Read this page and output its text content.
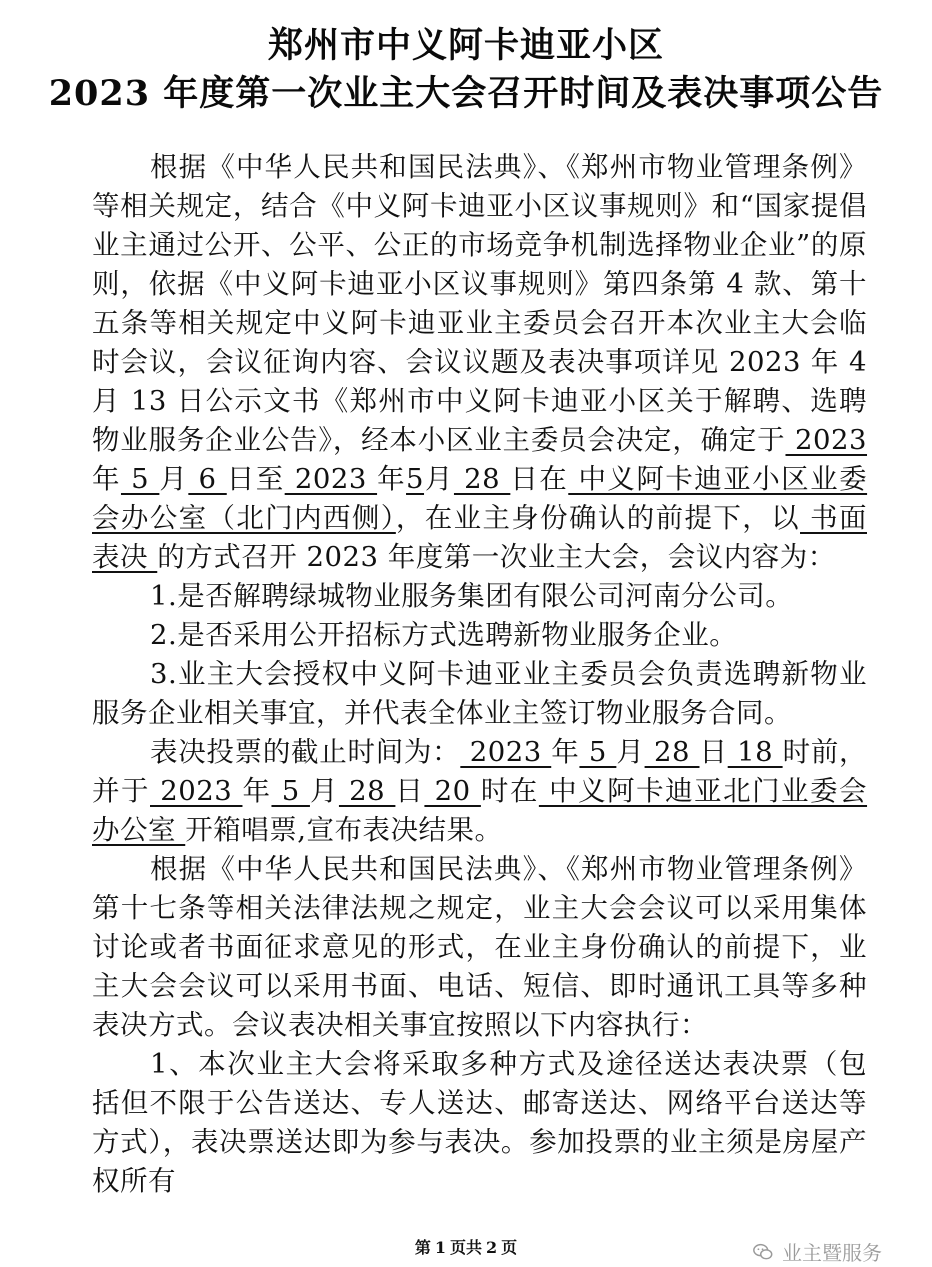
郑州市中义阿卡迪亚小区
2023 年度第一次业主大会召开时间及表决事项公告

根据《中华人民共和国民法典》、《郑州市物业管理条例》等相关规定，结合《中义阿卡迪亚小区议事规则》和“国家提倡业主通过公开、公平、公正的市场竞争机制选择物业企业”的原则，依据《中义阿卡迪亚小区议事规则》第四条第 4 款、第十五条等相关规定中义阿卡迪亚业主委员会召开本次业主大会临时会议，会议征询内容、会议议题及表决事项详见 2023 年 4 月 13 日公示文书《郑州市中义阿卡迪亚小区关于解聘、选聘物业服务企业公告》，经本小区业主委员会决定，确定于 2023 年 5 月 6 日至 2023 年5月 28 日在 中义阿卡迪亚小区业委会办公室（北门内西侧），在业主身份确认的前提下，以 书面表决 的方式召开 2023 年度第一次业主大会，会议内容为：

1.是否解聘绿城物业服务集团有限公司河南分公司。

2.是否采用公开招标方式选聘新物业服务企业。

3.业主大会授权中义阿卡迪亚业主委员会负责选聘新物业服务企业相关事宜，并代表全体业主签订物业服务合同。

表决投票的截止时间为： 2023 年 5 月 28 日 18 时前，并于 2023 年 5 月 28 日 20 时在 中义阿卡迪亚北门业委会办公室 开箱唱票,宣布表决结果。

根据《中华人民共和国民法典》、《郑州市物业管理条例》第十七条等相关法律法规之规定，业主大会会议可以采用集体讨论或者书面征求意见的形式，在业主身份确认的前提下，业主大会会议可以采用书面、电话、短信、即时通讯工具等多种表决方式。会议表决相关事宜按照以下内容执行：

1、本次业主大会将采取多种方式及途径送达表决票（包括但不限于公告送达、专人送达、邮寄送达、网络平台送达等方式），表决票送达即为参与表决。参加投票的业主须是房屋产权所有

第 1 页共 2 页	业主暨服务
